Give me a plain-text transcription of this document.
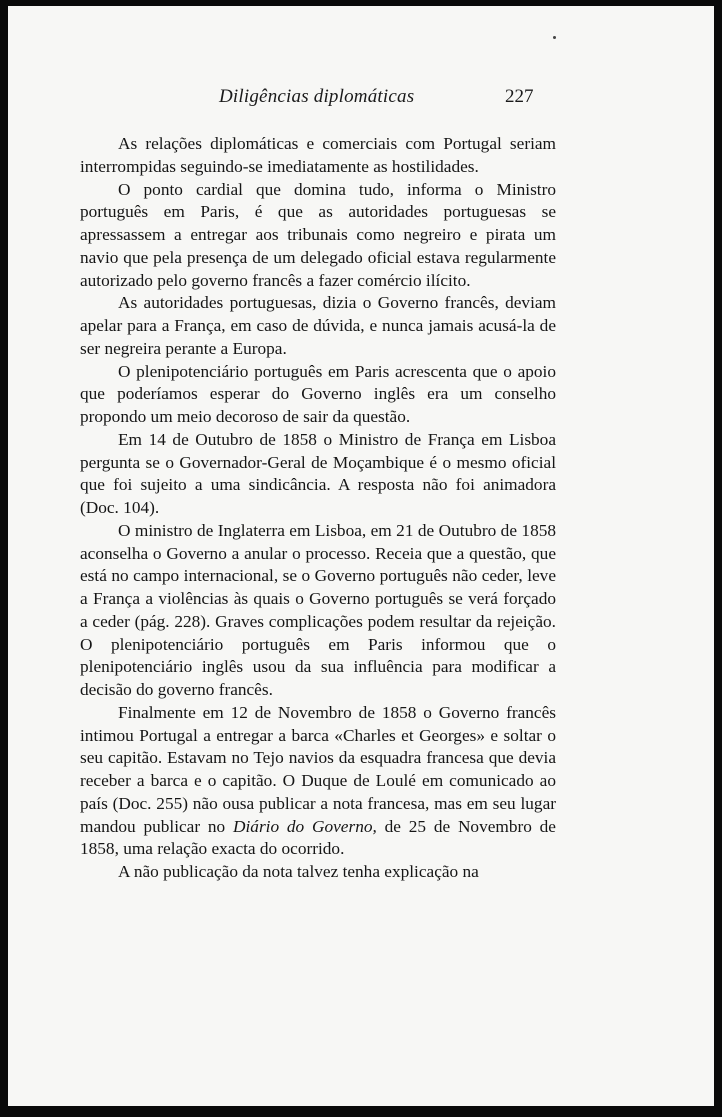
Diligências diplomáticas	227

As relações diplomáticas e comerciais com Portugal seriam interrompidas seguindo-se imediatamente as hostilidades.

O ponto cardial que domina tudo, informa o Ministro português em Paris, é que as autoridades portuguesas se apressassem a entregar aos tribunais como negreiro e pirata um navio que pela presença de um delegado oficial estava regularmente autorizado pelo governo francês a fazer comércio ilícito.

As autoridades portuguesas, dizia o Governo francês, deviam apelar para a França, em caso de dúvida, e nunca jamais acusá-la de ser negreira perante a Europa.

O plenipotenciário português em Paris acrescenta que o apoio que poderíamos esperar do Governo inglês era um conselho propondo um meio decoroso de sair da questão.

Em 14 de Outubro de 1858 o Ministro de França em Lisboa pergunta se o Governador-Geral de Moçambique é o mesmo oficial que foi sujeito a uma sindicância. A resposta não foi animadora (Doc. 104).

O ministro de Inglaterra em Lisboa, em 21 de Outubro de 1858 aconselha o Governo a anular o processo. Receia que a questão, que está no campo internacional, se o Governo português não ceder, leve a França a violências às quais o Governo português se verá forçado a ceder (pág. 228). Graves complicações podem resultar da rejeição. O plenipotenciário português em Paris informou que o plenipotenciário inglês usou da sua influência para modificar a decisão do governo francês.

Finalmente em 12 de Novembro de 1858 o Governo francês intimou Portugal a entregar a barca «Charles et Georges» e soltar o seu capitão. Estavam no Tejo navios da esquadra francesa que devia receber a barca e o capitão. O Duque de Loulé em comunicado ao país (Doc. 255) não ousa publicar a nota francesa, mas em seu lugar mandou publicar no Diário do Governo, de 25 de Novembro de 1858, uma relação exacta do ocorrido.

A não publicação da nota talvez tenha explicação na
